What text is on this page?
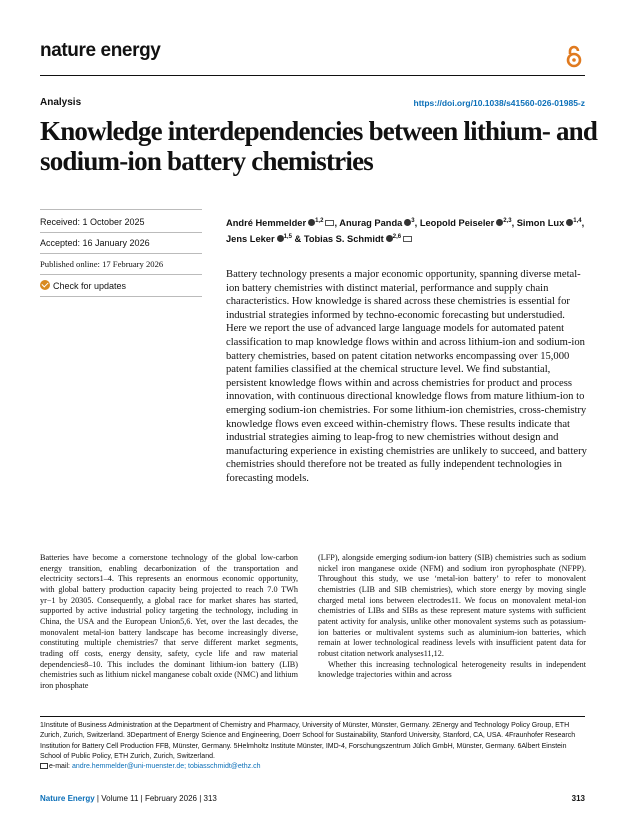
nature energy
Analysis	https://doi.org/10.1038/s41560-026-01985-z
Knowledge interdependencies between lithium- and sodium-ion battery chemistries
Received: 1 October 2025
Accepted: 16 January 2026
Published online: 17 February 2026
Check for updates
André Hemmelder $^{1,2}$ , Anurag Panda $^3$, Leopold Peiseler $^{2,3}$, Simon Lux $^{1,4}$, Jens Leker $^{1,5}$ & Tobias S. Schmidt $^{2,6}$

Battery technology presents a major economic opportunity, spanning diverse metal-ion battery chemistries with distinct material, performance and supply chain characteristics. How knowledge is shared across these chemistries is essential for industrial strategies informed by techno-economic forecasting but understudied. Here we report the use of advanced large language models for automated patent classification to map knowledge flows within and across lithium-ion and sodium-ion battery chemistries, based on patent citation networks encompassing over 15,000 patent families classified at the chemical structure level. We find substantial, persistent knowledge flows within and across chemistries for product and process innovation, with continuous directional knowledge flows from mature lithium-ion to emerging sodium-ion chemistries. For some lithium-ion chemistries, cross-chemistry knowledge flows even exceed within-chemistry flows. These results indicate that industrial strategies aiming to leap-frog to new chemistries without design and manufacturing experience in existing chemistries are unlikely to succeed, and battery chemistries should therefore not be treated as fully independent technologies in forecasting models.

Batteries have become a cornerstone technology of the global low-carbon energy transition, enabling decarbonization of the transportation and electricity sectors1–4. This represents an enormous economic opportunity, with global battery production capacity being projected to reach 7.0 TWh yr−1 by 20305. Consequently, a global race for market shares has started, supported by active industrial policy targeting the technology, including in China, the USA and the European Union5,6. Yet, over the last decades, the monovalent metal-ion battery landscape has become increasingly diverse, constituting multiple chemistries7 that serve different market segments, trading off costs, energy density, safety, cycle life and raw material dependencies8–10. This includes the dominant lithium-ion battery (LIB) chemistries such as lithium nickel manganese cobalt oxide (NMC) and lithium iron phosphate

(LFP), alongside emerging sodium-ion battery (SIB) chemistries such as sodium nickel iron manganese oxide (NFM) and sodium iron pyrophosphate (NFPP). Throughout this study, we use ‘metal-ion battery’ to refer to monovalent chemistries (LIB and SIB chemistries), which store energy by moving single charged metal ions between electrodes11. We focus on monovalent metal-ion chemistries of LIBs and SIBs as these represent mature systems with sufficient patent activity for analysis, unlike other monovalent systems such as potassium-ion batteries or multivalent systems such as aluminium-ion batteries, which remain at lower technological readiness levels with insufficient patent data for robust citation network analyses11,12.

Whether this increasing technological heterogeneity results in independent knowledge trajectories within and across

1Institute of Business Administration at the Department of Chemistry and Pharmacy, University of Münster, Münster, Germany. 2Energy and Technology Policy Group, ETH Zurich, Zurich, Switzerland. 3Department of Energy Science and Engineering, Doerr School for Sustainability, Stanford University, Stanford, CA, USA. 4Fraunhofer Research Institution for Battery Cell Production FFB, Münster, Germany. 5Helmholtz Institute Münster, IMD-4, Forschungszentrum Jülich GmbH, Münster, Germany. 6Albert Einstein School of Public Policy, ETH Zurich, Zurich, Switzerland.
e-mail: andre.hemmelder@uni-muenster.de; tobiasschmidt@ethz.ch
Nature Energy | Volume 11 | February 2026 | 313	313
